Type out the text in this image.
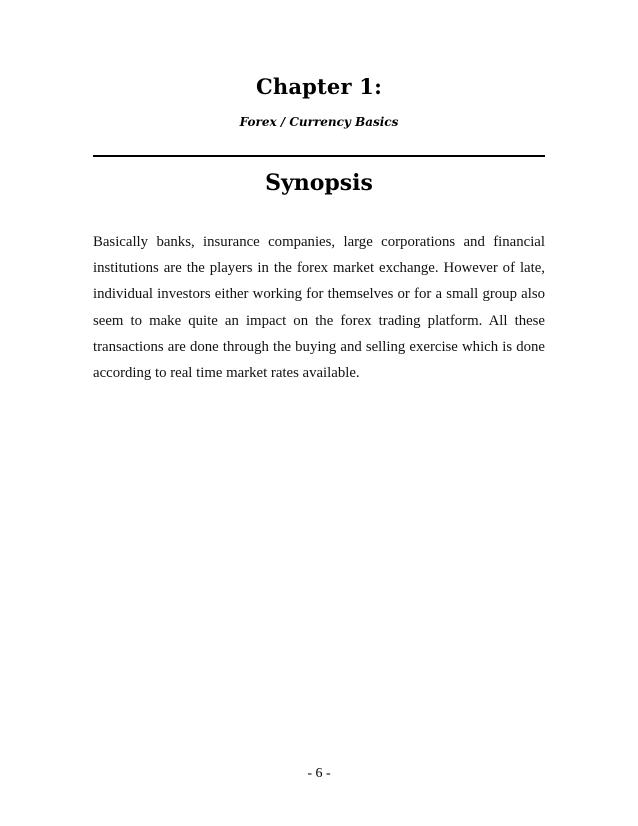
Chapter 1:
Forex / Currency Basics
Synopsis

Basically banks, insurance companies, large corporations and financial institutions are the players in the forex market exchange. However of late, individual investors either working for themselves or for a small group also seem to make quite an impact on the forex trading platform. All these transactions are done through the buying and selling exercise which is done according to real time market rates available.

- 6 -
